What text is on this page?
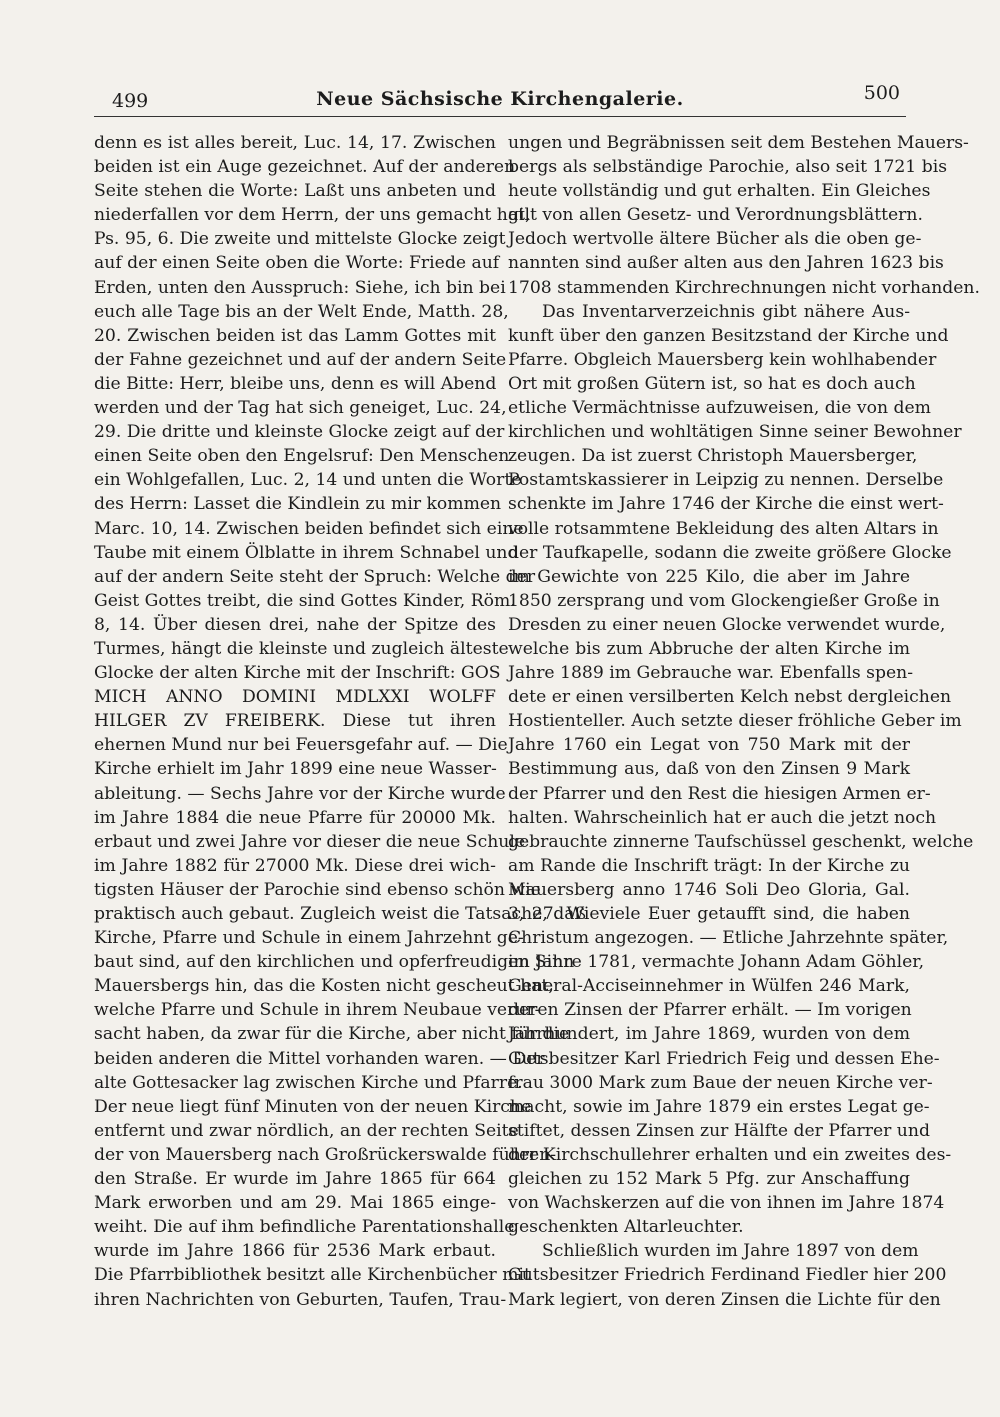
499	Neue Sächsische Kirchengalerie.	500
denn es ist alles bereit, Luc. 14, 17. Zwischen
beiden ist ein Auge gezeichnet. Auf der anderen
Seite stehen die Worte: Laßt uns anbeten und
niederfallen vor dem Herrn, der uns gemacht hat,
Ps. 95, 6. Die zweite und mittelste Glocke zeigt
auf der einen Seite oben die Worte: Friede auf
Erden, unten den Ausspruch: Siehe, ich bin bei
euch alle Tage bis an der Welt Ende, Matth. 28,
20. Zwischen beiden ist das Lamm Gottes mit
der Fahne gezeichnet und auf der andern Seite
die Bitte: Herr, bleibe uns, denn es will Abend
werden und der Tag hat sich geneiget, Luc. 24,
29. Die dritte und kleinste Glocke zeigt auf der
einen Seite oben den Engelsruf: Den Menschen
ein Wohlgefallen, Luc. 2, 14 und unten die Worte
des Herrn: Lasset die Kindlein zu mir kommen
Marc. 10, 14. Zwischen beiden befindet sich eine
Taube mit einem Ölblatte in ihrem Schnabel und
auf der andern Seite steht der Spruch: Welche der
Geist Gottes treibt, die sind Gottes Kinder, Röm.
8, 14. Über diesen drei, nahe der Spitze des
Turmes, hängt die kleinste und zugleich älteste
Glocke der alten Kirche mit der Inschrift: GOS
MICH ANNO DOMINI MDLXXI WOLFF
HILGER ZV FREIBERK. Diese tut ihren
ehernen Mund nur bei Feuersgefahr auf. — Die
Kirche erhielt im Jahr 1899 eine neue Wasser-
ableitung. — Sechs Jahre vor der Kirche wurde
im Jahre 1884 die neue Pfarre für 20000 Mk.
erbaut und zwei Jahre vor dieser die neue Schule
im Jahre 1882 für 27000 Mk. Diese drei wich-
tigsten Häuser der Parochie sind ebenso schön wie
praktisch auch gebaut. Zugleich weist die Tatsache, daß
Kirche, Pfarre und Schule in einem Jahrzehnt ge-
baut sind, auf den kirchlichen und opferfreudigen Sinn
Mauersbergs hin, das die Kosten nicht gescheut hat,
welche Pfarre und Schule in ihrem Neubaue verur-
sacht haben, da zwar für die Kirche, aber nicht für die
beiden anderen die Mittel vorhanden waren. — Der
alte Gottesacker lag zwischen Kirche und Pfarre.
Der neue liegt fünf Minuten von der neuen Kirche
entfernt und zwar nördlich, an der rechten Seite
der von Mauersberg nach Großrückerswalde führen-
den Straße. Er wurde im Jahre 1865 für 664
Mark erworben und am 29. Mai 1865 einge-
weiht. Die auf ihm befindliche Parentationshalle
wurde im Jahre 1866 für 2536 Mark erbaut.
Die Pfarrbibliothek besitzt alle Kirchenbücher mit
ihren Nachrichten von Geburten, Taufen, Trau-
ungen und Begräbnissen seit dem Bestehen Mauers-
bergs als selbständige Parochie, also seit 1721 bis
heute vollständig und gut erhalten. Ein Gleiches
gilt von allen Gesetz- und Verordnungsblättern.
Jedoch wertvolle ältere Bücher als die oben ge-
nannten sind außer alten aus den Jahren 1623 bis
1708 stammenden Kirchrechnungen nicht vorhanden.
Das Inventarverzeichnis gibt nähere Aus-
kunft über den ganzen Besitzstand der Kirche und
Pfarre. Obgleich Mauersberg kein wohlhabender
Ort mit großen Gütern ist, so hat es doch auch
etliche Vermächtnisse aufzuweisen, die von dem
kirchlichen und wohltätigen Sinne seiner Bewohner
zeugen. Da ist zuerst Christoph Mauersberger,
Postamtskassierer in Leipzig zu nennen. Derselbe
schenkte im Jahre 1746 der Kirche die einst wert-
volle rotsammtene Bekleidung des alten Altars in
der Taufkapelle, sodann die zweite größere Glocke
im Gewichte von 225 Kilo, die aber im Jahre
1850 zersprang und vom Glockengießer Große in
Dresden zu einer neuen Glocke verwendet wurde,
welche bis zum Abbruche der alten Kirche im
Jahre 1889 im Gebrauche war. Ebenfalls spen-
dete er einen versilberten Kelch nebst dergleichen
Hostienteller. Auch setzte dieser fröhliche Geber im
Jahre 1760 ein Legat von 750 Mark mit der
Bestimmung aus, daß von den Zinsen 9 Mark
der Pfarrer und den Rest die hiesigen Armen er-
halten. Wahrscheinlich hat er auch die jetzt noch
gebrauchte zinnerne Taufschüssel geschenkt, welche
am Rande die Inschrift trägt: In der Kirche zu
Mauersberg anno 1746 Soli Deo Gloria, Gal.
3, 27. Wieviele Euer getaufft sind, die haben
Christum angezogen. — Etliche Jahrzehnte später,
im Jahre 1781, vermachte Johann Adam Göhler,
General-Acciseinnehmer in Wülfen 246 Mark,
deren Zinsen der Pfarrer erhält. — Im vorigen
Jahrhundert, im Jahre 1869, wurden von dem
Gutsbesitzer Karl Friedrich Feig und dessen Ehe-
frau 3000 Mark zum Baue der neuen Kirche ver-
macht, sowie im Jahre 1879 ein erstes Legat ge-
stiftet, dessen Zinsen zur Hälfte der Pfarrer und
der Kirchschullehrer erhalten und ein zweites des-
gleichen zu 152 Mark 5 Pfg. zur Anschaffung
von Wachskerzen auf die von ihnen im Jahre 1874
geschenkten Altarleuchter.
Schließlich wurden im Jahre 1897 von dem
Gutsbesitzer Friedrich Ferdinand Fiedler hier 200
Mark legiert, von deren Zinsen die Lichte für den
